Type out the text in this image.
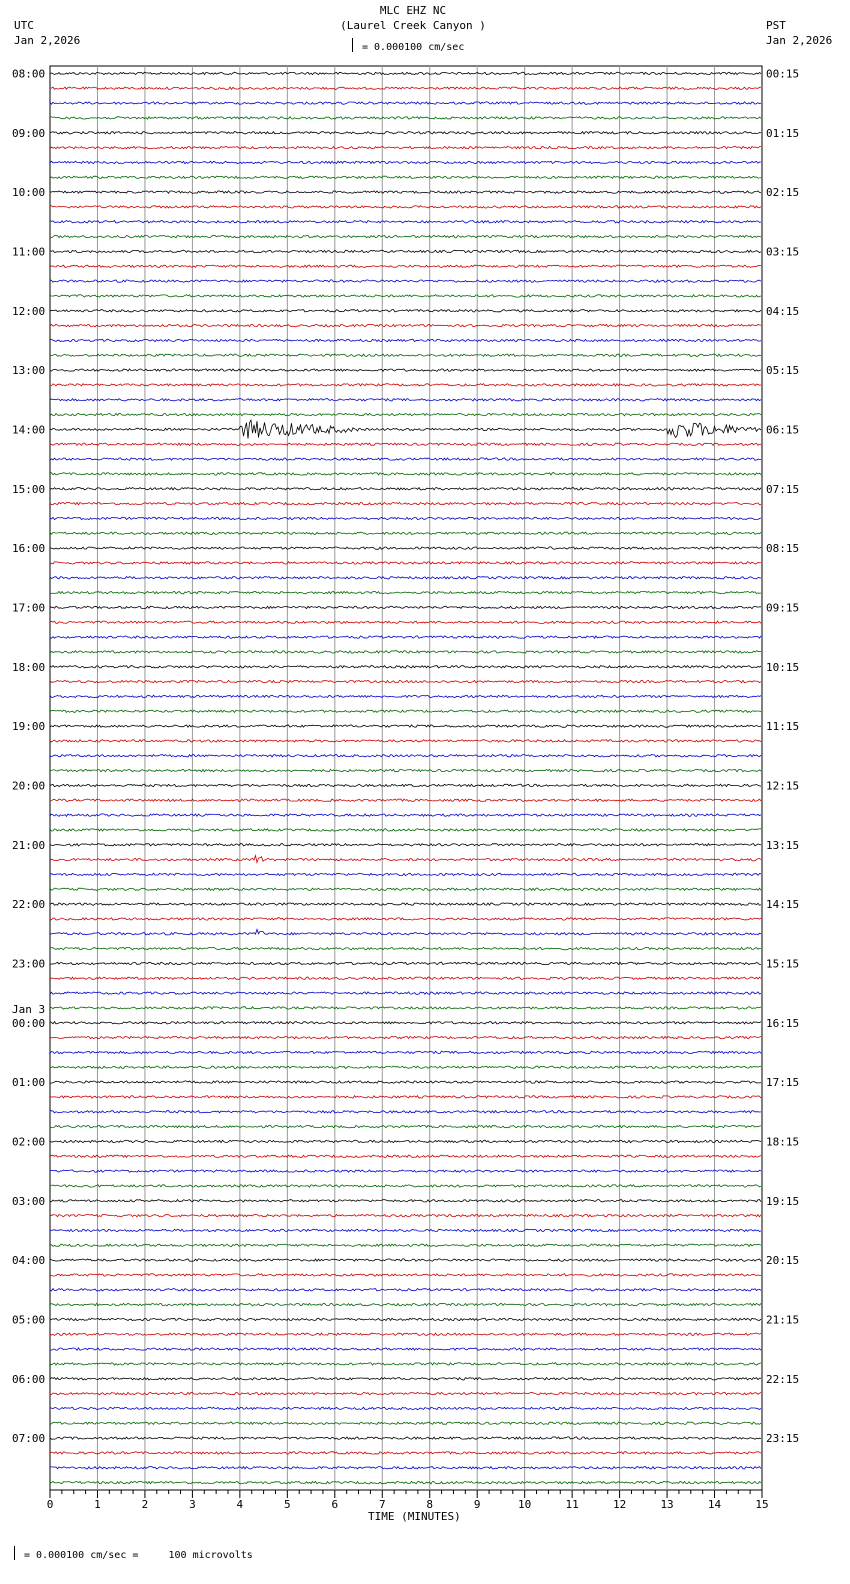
MLC EHZ NC
(Laurel Creek Canyon )
= 0.000100 cm/sec
UTC
Jan 2,2026
PST
Jan 2,2026
08:00	00:15
09:00	01:15
10:00	02:15
11:00	03:15
12:00	04:15
13:00	05:15
14:00	06:15
15:00	07:15
16:00	08:15
17:00	09:15
18:00	10:15
19:00	11:15
20:00	12:15
21:00	13:15
22:00	14:15
23:00	15:15
00:00	16:15
01:00	17:15
02:00	18:15
03:00	19:15
04:00	20:15
05:00	21:15
06:00	22:15
07:00	23:15
Jan 3
0	1	2	3	4	5	6	7	8	9	10	11	12	13	14	15
TIME (MINUTES)
= 0.000100 cm/sec =     100 microvolts
